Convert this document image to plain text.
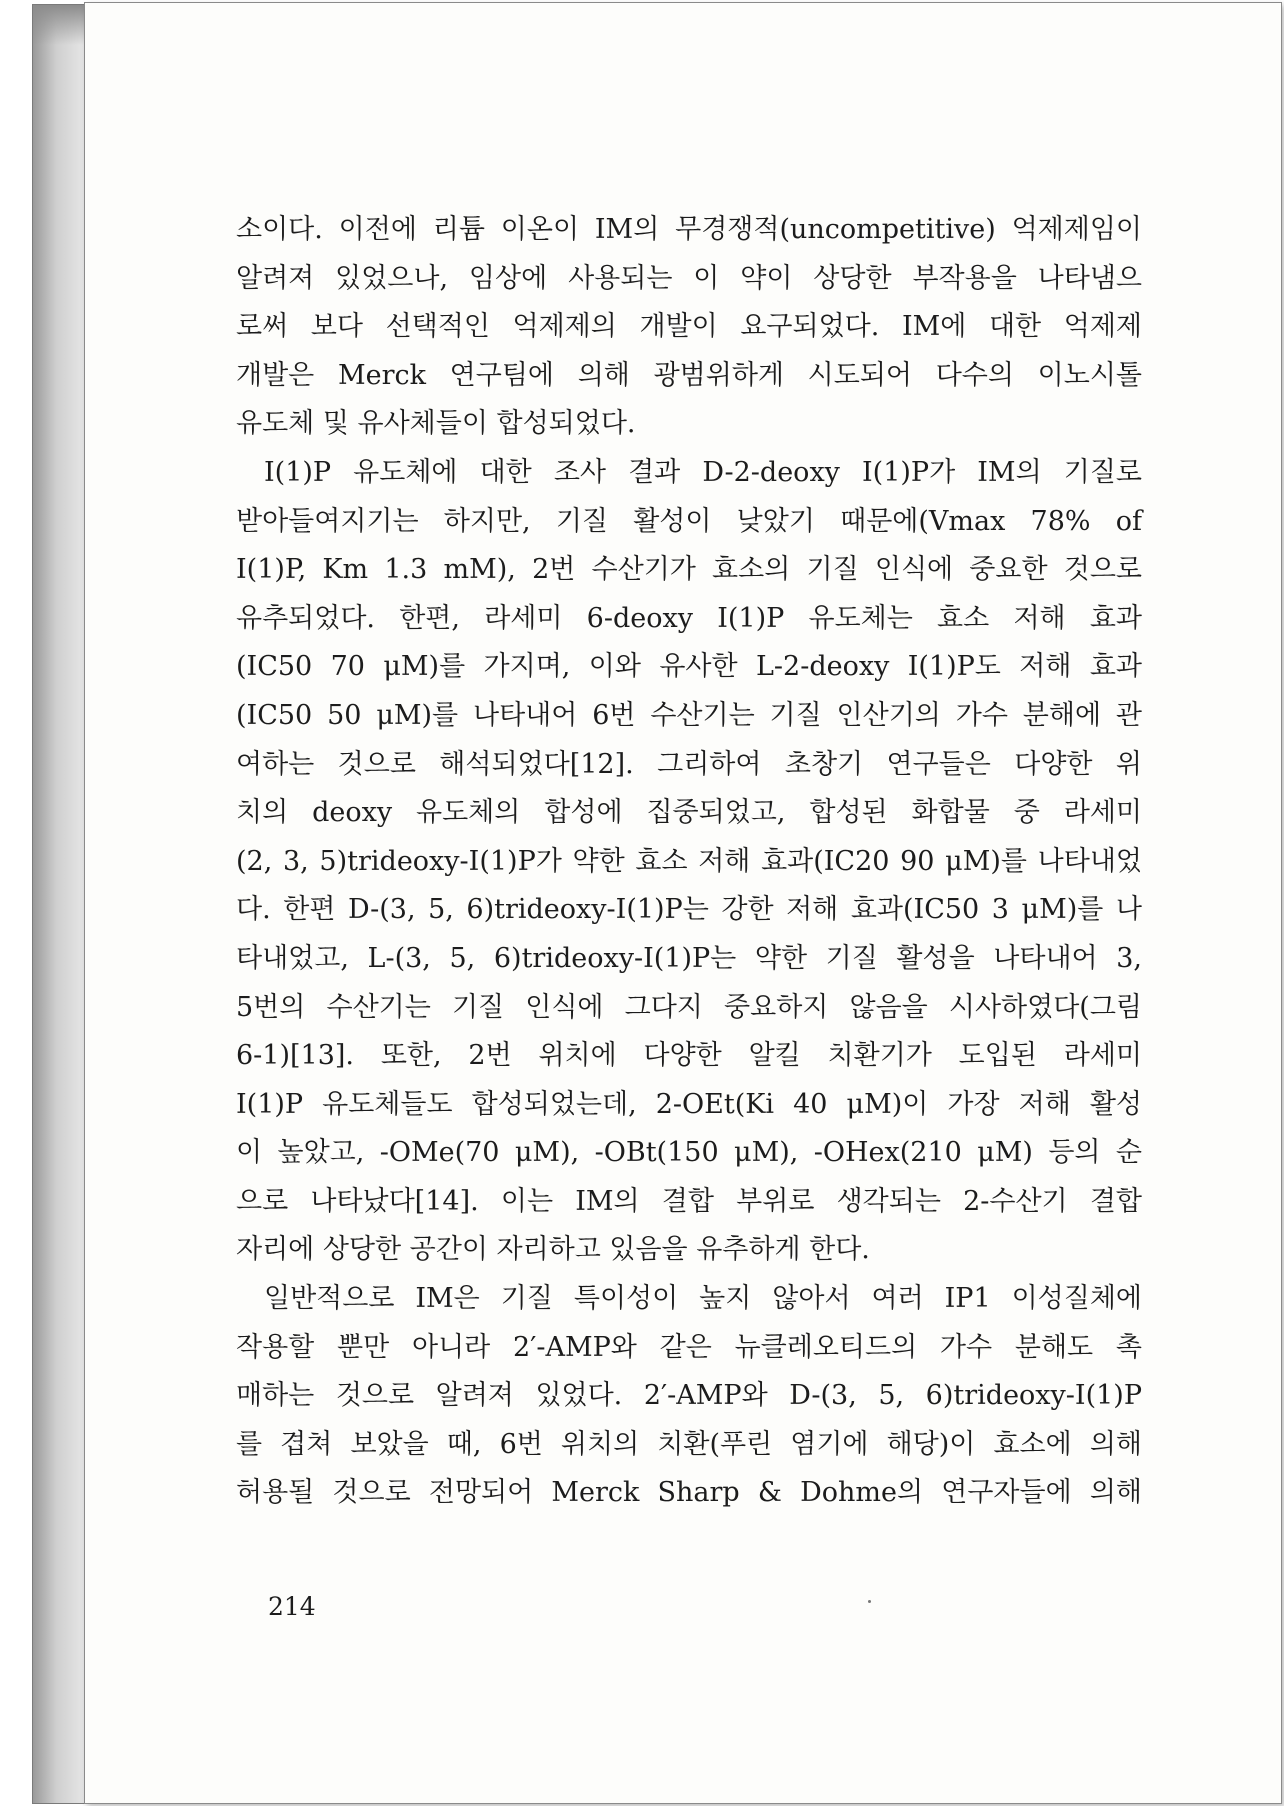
소이다. 이전에 리튬 이온이 IM의 무경쟁적(uncompetitive) 억제제임이
알려져 있었으나, 임상에 사용되는 이 약이 상당한 부작용을 나타냄으
로써 보다 선택적인 억제제의 개발이 요구되었다. IM에 대한 억제제
개발은 Merck 연구팀에 의해 광범위하게 시도되어 다수의 이노시톨
유도체 및 유사체들이 합성되었다.
I(1)P 유도체에 대한 조사 결과 D-2-deoxy I(1)P가 IM의 기질로
받아들여지기는 하지만, 기질 활성이 낮았기 때문에(Vmax 78% of
I(1)P, Km 1.3 mM), 2번 수산기가 효소의 기질 인식에 중요한 것으로
유추되었다. 한편, 라세미 6-deoxy I(1)P 유도체는 효소 저해 효과
(IC50 70 μM)를 가지며, 이와 유사한 L-2-deoxy I(1)P도 저해 효과
(IC50 50 μM)를 나타내어 6번 수산기는 기질 인산기의 가수 분해에 관
여하는 것으로 해석되었다[12]. 그리하여 초창기 연구들은 다양한 위
치의 deoxy 유도체의 합성에 집중되었고, 합성된 화합물 중 라세미
(2, 3, 5)trideoxy-I(1)P가 약한 효소 저해 효과(IC20 90 μM)를 나타내었
다. 한편 D-(3, 5, 6)trideoxy-I(1)P는 강한 저해 효과(IC50 3 μM)를 나
타내었고, L-(3, 5, 6)trideoxy-I(1)P는 약한 기질 활성을 나타내어 3,
5번의 수산기는 기질 인식에 그다지 중요하지 않음을 시사하였다(그림
6-1)[13]. 또한, 2번 위치에 다양한 알킬 치환기가 도입된 라세미
I(1)P 유도체들도 합성되었는데, 2-OEt(Ki 40 μM)이 가장 저해 활성
이 높았고, -OMe(70 μM), -OBt(150 μM), -OHex(210 μM) 등의 순
으로 나타났다[14]. 이는 IM의 결합 부위로 생각되는 2-수산기 결합
자리에 상당한 공간이 자리하고 있음을 유추하게 한다.
일반적으로 IM은 기질 특이성이 높지 않아서 여러 IP1 이성질체에
작용할 뿐만 아니라 2′-AMP와 같은 뉴클레오티드의 가수 분해도 촉
매하는 것으로 알려져 있었다. 2′-AMP와 D-(3, 5, 6)trideoxy-I(1)P
를 겹쳐 보았을 때, 6번 위치의 치환(푸린 염기에 해당)이 효소에 의해
허용될 것으로 전망되어 Merck Sharp & Dohme의 연구자들에 의해
214
